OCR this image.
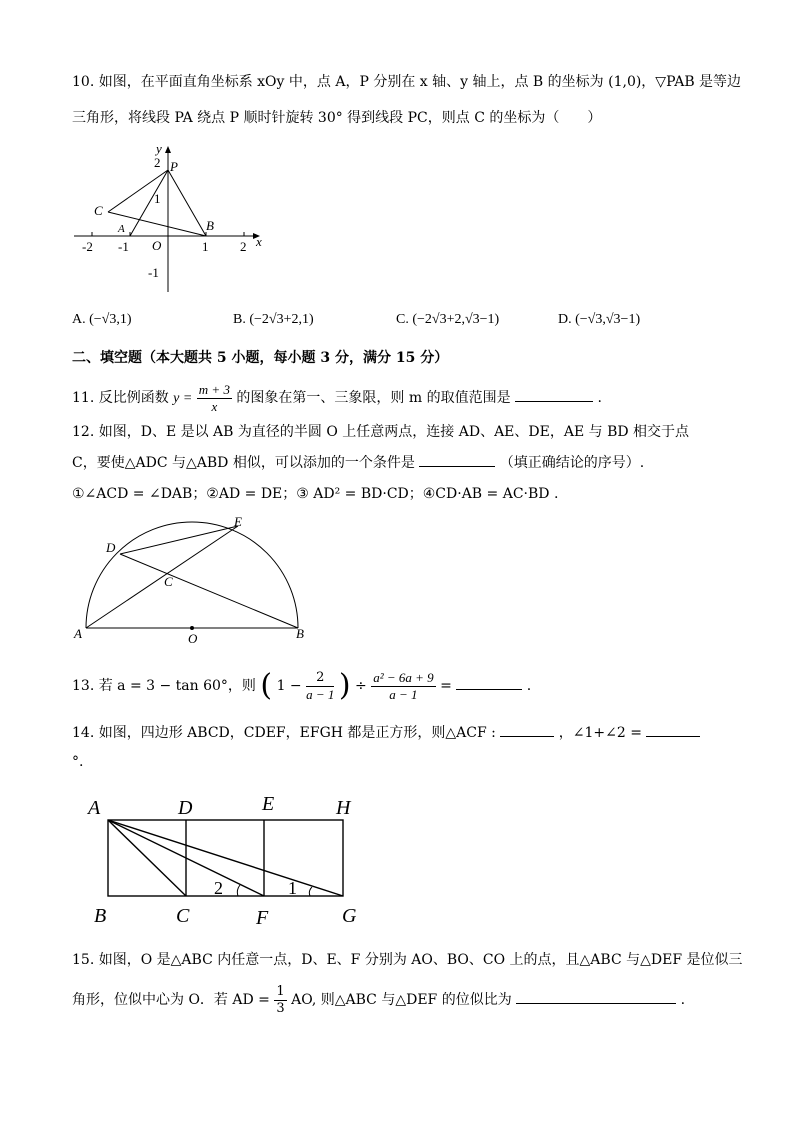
10. 如图，在平面直角坐标系 xOy 中，点 A，P 分别在 x 轴、y 轴上，点 B 的坐标为 (1,0)，▽PAB 是等边
三角形，将线段 PA 绕点 P 顺时针旋转 30° 得到线段 PC，则点 C 的坐标为（　　）
y
x
P
C
A	B
O
-2 -1	1 2
2
1
-1
A. (−√3,1)	B. (−2√3+2,1)	C. (−2√3+2,√3−1)	D. (−√3,√3−1)
二、填空题（本大题共 5 小题，每小题 3 分，满分 15 分）
11. 反比例函数 $y = \frac{m + 3}{x}$ 的图象在第一、三象限，则 m 的取值范围是	.
12. 如图，D、E 是以 AB 为直径的半圆 O 上任意两点，连接 AD、AE、DE，AE 与 BD 相交于点
C，要使△ADC 与△ABD 相似，可以添加的一个条件是	（填正确结论的序号）.
①∠ACD = ∠DAB；②AD = DE；③ AD² = BD·CD；④CD·AB = AC·BD .
A	B
C
D
E
O
13. 若 a = 3 − tan 60°，则 ( $1 - \frac{2}{a - 1}$ ) ÷ $\frac{\text{a² − 6a + 9}}{a - 1}$ =	.
14. 如图，四边形 ABCD，CDEF，EFGH 都是正方形，则△ACF :	，∠1+∠2 =
°.
A	D	E	H
B	C	F	G
2	1
15. 如图，O 是△ABC 内任意一点，D、E、F 分别为 AO、BO、CO 上的点，且△ABC 与△DEF 是位似三
角形，位似中心为 O．若 AD = $\frac{1}{3}$ AO, 则△ABC 与△DEF 的位似比为	.
